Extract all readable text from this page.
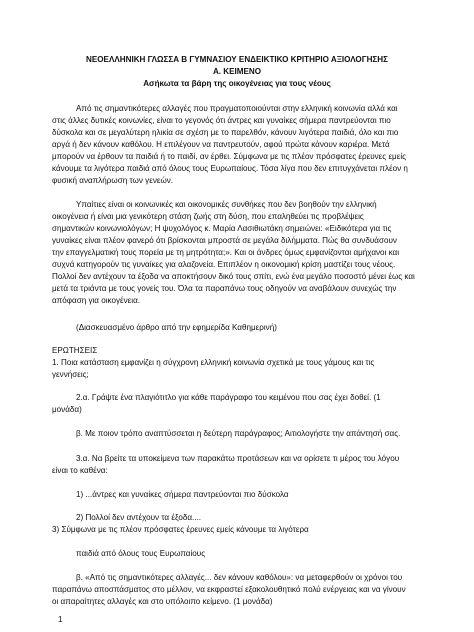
ΝΕΟΕΛΛΗΝΙΚΗ ΓΛΩΣΣΑ Β ΓΥΜΝΑΣΙΟΥ ΕΝΔΕΙΚΤΙΚΟ ΚΡΙΤΗΡΙΟ ΑΞΙΟΛΟΓΗΣΗΣ
Α. ΚΕΙΜΕΝΟ
Ασήκωτα τα βάρη της οικογένειας για τους νέους
Από τις σημαντικότερες αλλαγές που πραγματοποιούνται στην ελληνική κοινωνία αλλά και
στις άλλες δυτικές κοινωνίες, είναι το γεγονός ότι άντρες και γυναίκες σήμερα παντρεύονται πιο
δύσκολα και σε μεγαλύτερη ηλικία σε σχέση με το παρελθόν, κάνουν λιγότερα παιδιά, όλο και πιο
αργά ή δεν κάνουν καθόλου. Η επιλέγουν να παντρευτούν, αφού πρώτα κάνουν καριέρα. Μετά
μπορούν να έρθουν τα παιδιά ή το παιδί, αν έρθει. Σύμφωνα με τις πλέον πρόσφατες έρευνες εμείς
κάνουμε τα λιγότερα παιδιά από όλους τους Ευρωπαίους. Τόσα λίγα που δεν επιτυγχάνεται πλέον η
φυσική αναπλήρωση των γενεών.
Υπαίτιες είναι οι κοινωνικές και οικονομικές συνθήκες που δεν βοηθούν την ελληνική
οικογένεια ή είναι μια γενικότερη στάση ζωής στη δύση, που επαληθεύει τις προβλέψεις
σημαντικών κοινωνιολόγων; Η ψυχολόγος κ. Μαρία Λασιθιωτάκη σημειώνει: «Ειδικότερα για τις
γυναίκες είναι πλέον φανερό ότι βρίσκονται μπροστά σε μεγάλα διλήμματα. Πώς θα συνδυάσουν
την επαγγελματική τους πορεία με τη μητρότητα;». Και οι άνδρες όμως εμφανίζονται αμήχανοι και
συχνά κατηγορούν τις γυναίκες για αλαζονεία. Επιπλέον η οικονομική κρίση μαστίζει τους νέους.
Πολλοί δεν αντέχουν τα έξοδα να αποκτήσουν δικό τους σπίτι, ενώ ένα μεγάλο ποσοστό μένει έως και
μετά τα τριάντα με τους γονείς του. Όλα τα παραπάνω τους οδηγούν να αναβάλουν συνεχώς την
απόφαση για οικογένεια.
(Διασκευασμένο άρθρο από την εφημερίδα Καθημερινή)
ΕΡΩΤΗΣΕΙΣ
1. Ποια κατάσταση εμφανίζει η σύγχρονη ελληνική κοινωνία σχετικά με τους γάμους και τις
γεννήσεις;
2.α. Γράψτε ένα πλαγιότιτλο για κάθε παράγραφο του κειμένου που σας έχει δοθεί. (1
μονάδα)
β. Με ποιον τρόπο αναπτύσσεται η δεύτερη παράγραφος; Αιτιολογήστε την απάντησή σας.
3.α. Να βρείτε τα υποκείμενα των παρακάτω προτάσεων και να ορίσετε τι μέρος του λόγου
είναι το καθένα:
1) ...άντρες και γυναίκες σήμερα παντρεύονται πιο δύσκολα
2) Πολλοί δεν αντέχουν τα έξοδα....
3) Σύμφωνα με τις πλέον πρόσφατες έρευνες εμείς κάνουμε τα λιγότερα
παιδιά από όλους τους Ευρωπαίους
β. «Από τις σημαντικότερες αλλαγές... δεν κάνουν καθόλου»: να μεταφερθούν οι χρόνοι του
παραπάνω αποσπάσματος στο μέλλον, να εκφραστεί εξακολουθητικό πολύ ενέργειας και να γίνουν
οι απαραίτητες αλλαγές και στο υπόλοιπο κείμενο. (1 μονάδα)
1
